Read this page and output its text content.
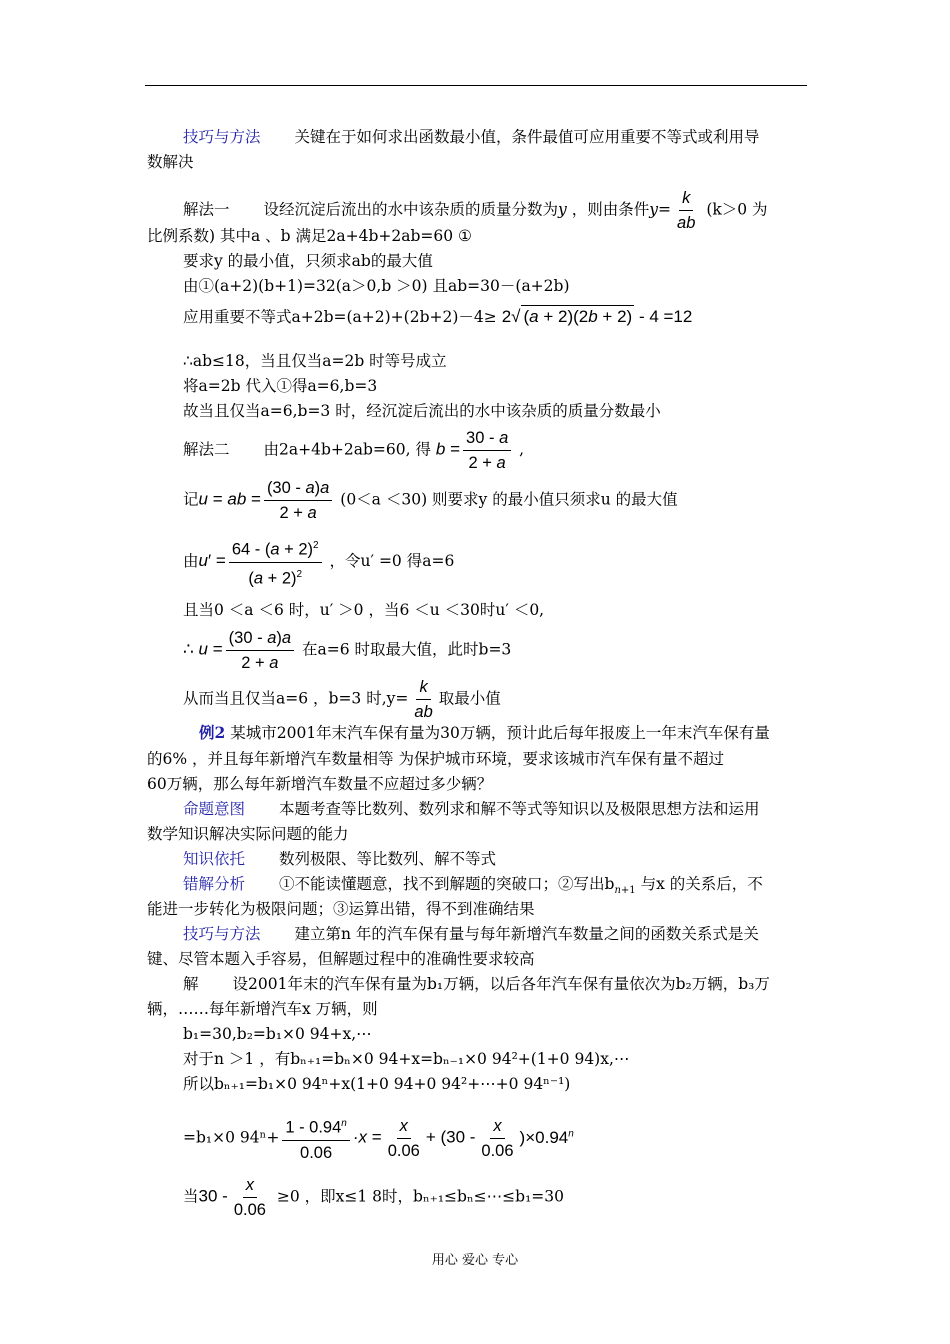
技巧与方法 关键在于如何求出函数最小值，条件最值可应用重要不等式或利用导
数解决
解法一 设经沉淀后流出的水中该杂质的质量分数为y ，则由条件$y= \frac{k}{ab} (k>0$ 为
比例系数) 其中a 、b 满足2a+4b+2ab=60 ①
要求y 的最小值，只须求ab的最大值
由①(a+2)(b+1)=32(a＞0,b ＞0) 且ab=30－(a+2b)
应用重要不等式a+2b=(a+2)+(2b+2)－4≥ 2√ (a + 2)(2b + 2) - 4 =12
∴ab≤18，当且仅当a=2b 时等号成立
将a=2b 代入①得a=6,b=3
故当且仅当a=6,b=3 时，经沉淀后流出的水中该杂质的质量分数最小
解法二 由2a+4b+2ab=60, 得 $b = \frac{30 - a}{2 + a}$ ,
记u = ab = $\frac{(30 - a)a}{2 + a} (0<a <30)$ 则要求y 的最小值只须求u 的最大值
由$u' = \frac{64 - (a + 2)^2}{(a + 2)^2}$ ，令u′ =0 得a=6
且当0 ＜a ＜6 时，u′ ＞0 ，当6 ＜u ＜30时u′ ＜0,
∴ $u = \frac{(30 - a)a}{2 + a}$ 在a=6 时取最大值，此时b=3
从而当且仅当a=6 ，b=3 时$,y= \frac{k}{ab}$ 取最小值
例2 某城市2001年末汽车保有量为30万辆，预计此后每年报废上一年末汽车保有量
的6% ，并且每年新增汽车数量相等 为保护城市环境，要求该城市汽车保有量不超过
60万辆，那么每年新增汽车数量不应超过多少辆？
命题意图 本题考查等比数列、数列求和解不等式等知识以及极限思想方法和运用
数学知识解决实际问题的能力
知识依托 数列极限、等比数列、解不等式
错解分析 ①不能读懂题意，找不到解题的突破口；②写出$b_{n+1}$ 与x 的关系后，不
能进一步转化为极限问题；③运算出错，得不到准确结果
技巧与方法 建立第n 年的汽车保有量与每年新增汽车数量之间的函数关系式是关
键、尽管本题入手容易，但解题过程中的准确性要求较高
解 设2001年末的汽车保有量为b₁万辆，以后各年汽车保有量依次为b₂万辆，b₃万
辆，……每年新增汽车x 万辆，则
b₁=30,b₂=b₁×0 94+x,⋯
对于n ＞1 ，有bₙ₊₁=bₙ×0 94+x=bₙ₋₁×0 94²+(1+0 94)x,⋯
所以bₙ₊₁=b₁×0 94ⁿ+x(1+0 94+0 94²+⋯+0 94ⁿ⁻¹)
=b₁×0 $94^n+ \frac{1 - 0.94^n}{0.06} \cdot x = \frac{x}{0.06} + (30 - \frac{x}{0.06} )\times 0.94^n$
当$30 - \frac{x}{0.06} \ge 0$ ，即x≤1 8时，bₙ₊₁≤bₙ≤⋯≤b₁=30
用心 爱心 专心
